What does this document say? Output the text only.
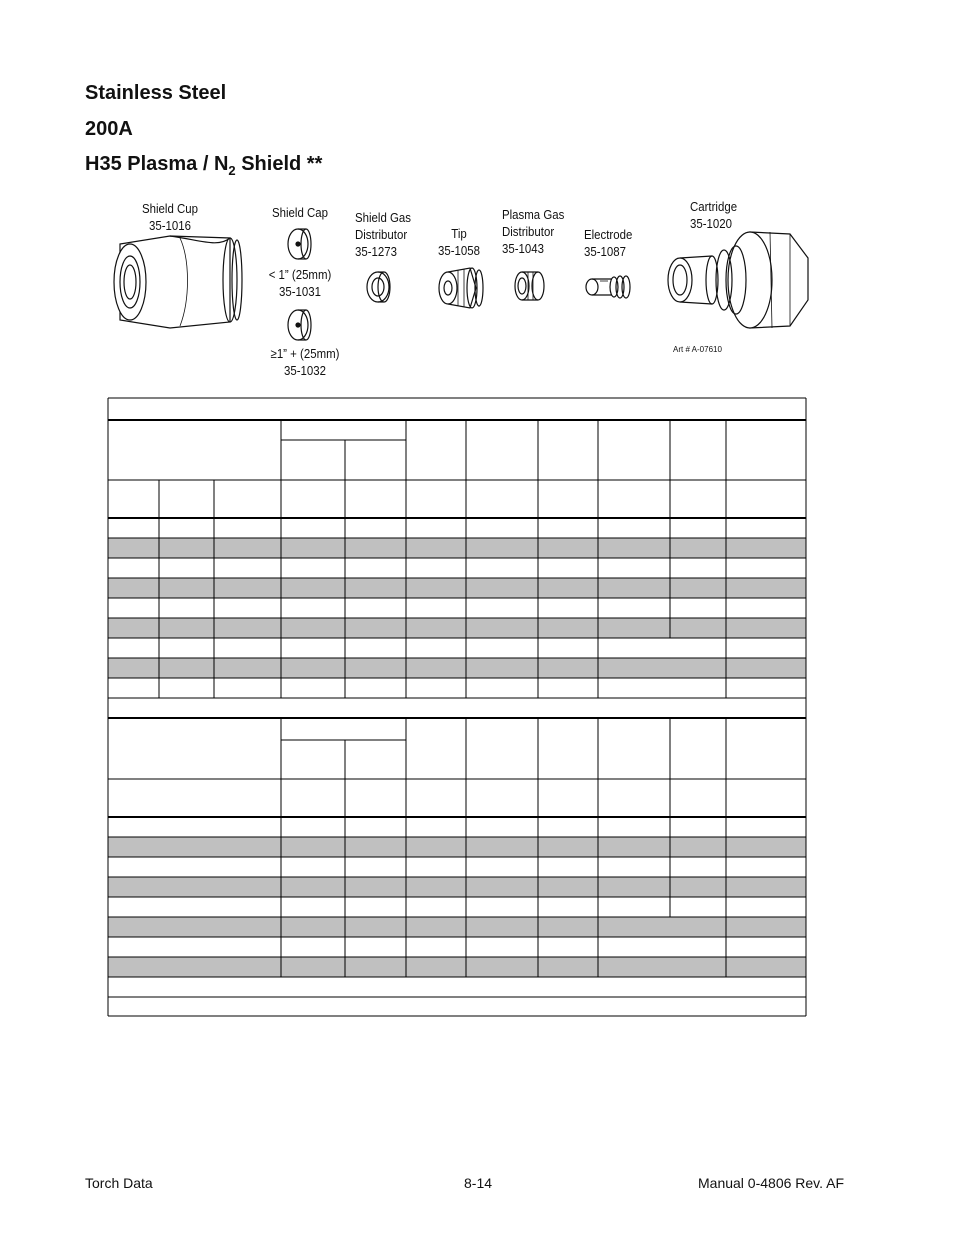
Stainless Steel
200A
H35 Plasma / $N_2$ Shield **
Shield Cup
35-1016
Shield Cap
< 1” (25mm)
35-1031
≥1” + (25mm)
35-1032
Shield Gas
Distributor
35-1273
Tip
35-1058
Plasma Gas
Distributor
35-1043
Electrode
35-1087
Cartridge
35-1020
Art # A-07610
Torch Data	8-14	Manual 0-4806 Rev. AF
